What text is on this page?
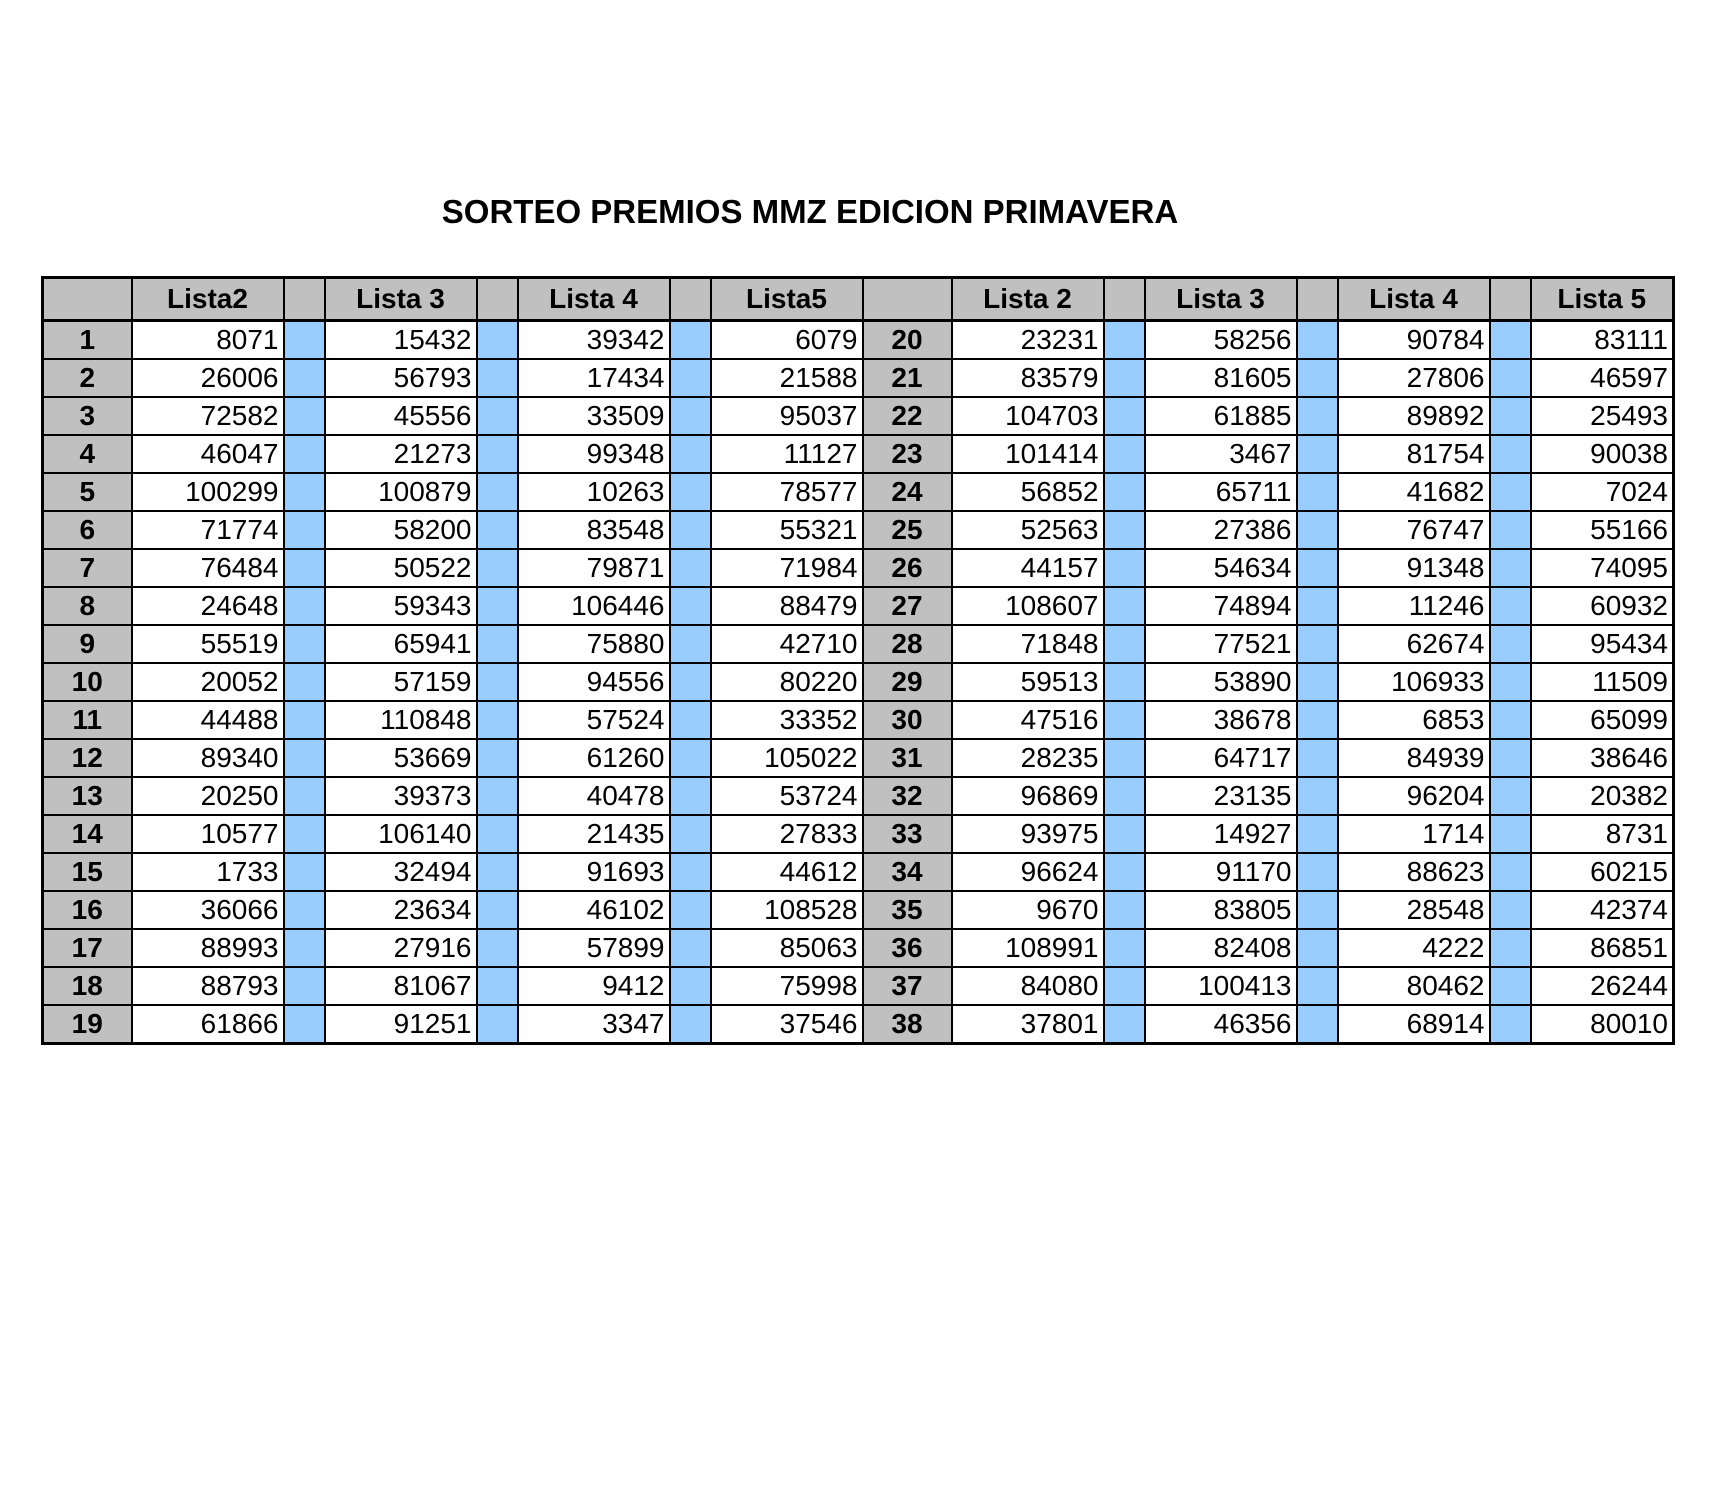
SORTEO PREMIOS MMZ EDICION PRIMAVERA
	Lista2		Lista 3		Lista 4		Lista5		Lista 2		Lista 3		Lista 4		Lista 5
1	8071		15432		39342		6079	20	23231		58256		90784		83111
2	26006		56793		17434		21588	21	83579		81605		27806		46597
3	72582		45556		33509		95037	22	104703		61885		89892		25493
4	46047		21273		99348		11127	23	101414		3467		81754		90038
5	100299		100879		10263		78577	24	56852		65711		41682		7024
6	71774		58200		83548		55321	25	52563		27386		76747		55166
7	76484		50522		79871		71984	26	44157		54634		91348		74095
8	24648		59343		106446		88479	27	108607		74894		11246		60932
9	55519		65941		75880		42710	28	71848		77521		62674		95434
10	20052		57159		94556		80220	29	59513		53890		106933		11509
11	44488		110848		57524		33352	30	47516		38678		6853		65099
12	89340		53669		61260		105022	31	28235		64717		84939		38646
13	20250		39373		40478		53724	32	96869		23135		96204		20382
14	10577		106140		21435		27833	33	93975		14927		1714		8731
15	1733		32494		91693		44612	34	96624		91170		88623		60215
16	36066		23634		46102		108528	35	9670		83805		28548		42374
17	88993		27916		57899		85063	36	108991		82408		4222		86851
18	88793		81067		9412		75998	37	84080		100413		80462		26244
19	61866		91251		3347		37546	38	37801		46356		68914		80010
